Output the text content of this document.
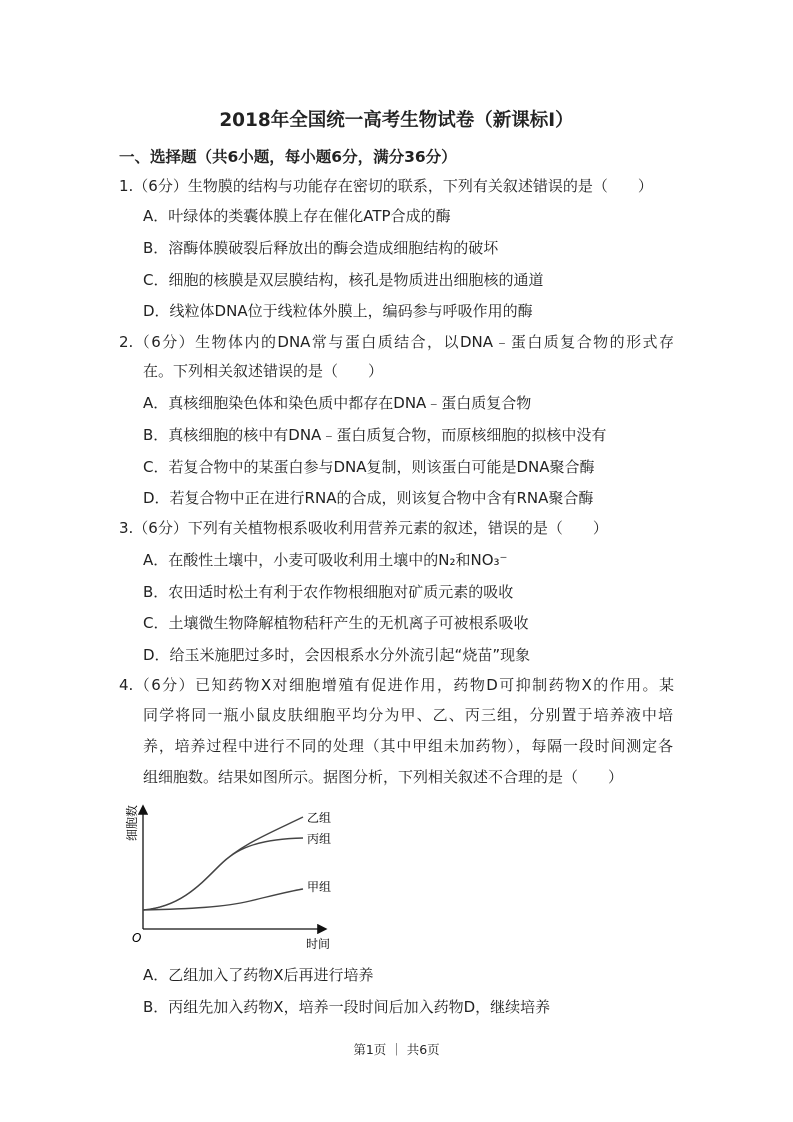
2018年全国统一高考生物试卷（新课标Ⅰ）
一、选择题（共6小题，每小题6分，满分36分）
1.（6分）生物膜的结构与功能存在密切的联系，下列有关叙述错误的是（　　）
A．叶绿体的类囊体膜上存在催化ATP合成的酶
B．溶酶体膜破裂后释放出的酶会造成细胞结构的破坏
C．细胞的核膜是双层膜结构，核孔是物质进出细胞核的通道
D．线粒体DNA位于线粒体外膜上，编码参与呼吸作用的酶
2.（6分）生物体内的DNA常与蛋白质结合，以DNA﹣蛋白质复合物的形式存
在。下列相关叙述错误的是（　　）
A．真核细胞染色体和染色质中都存在DNA﹣蛋白质复合物
B．真核细胞的核中有DNA﹣蛋白质复合物，而原核细胞的拟核中没有
C．若复合物中的某蛋白参与DNA复制，则该蛋白可能是DNA聚合酶
D．若复合物中正在进行RNA的合成，则该复合物中含有RNA聚合酶
3.（6分）下列有关植物根系吸收利用营养元素的叙述，错误的是（　　）
A．在酸性土壤中，小麦可吸收利用土壤中的N₂和NO₃⁻
B．农田适时松土有利于农作物根细胞对矿质元素的吸收
C．土壤微生物降解植物秸秆产生的无机离子可被根系吸收
D．给玉米施肥过多时，会因根系水分外流引起“烧苗”现象
4.（6分）已知药物X对细胞增殖有促进作用，药物D可抑制药物X的作用。某
同学将同一瓶小鼠皮肤细胞平均分为甲、乙、丙三组，分别置于培养液中培
养，培养过程中进行不同的处理（其中甲组未加药物），每隔一段时间测定各
组细胞数。结果如图所示。据图分析，下列相关叙述不合理的是（　　）
细胞数
O	时间
乙组
丙组
甲组
A．乙组加入了药物X后再进行培养
B．丙组先加入药物X，培养一段时间后加入药物D，继续培养
第1页 ｜ 共6页
